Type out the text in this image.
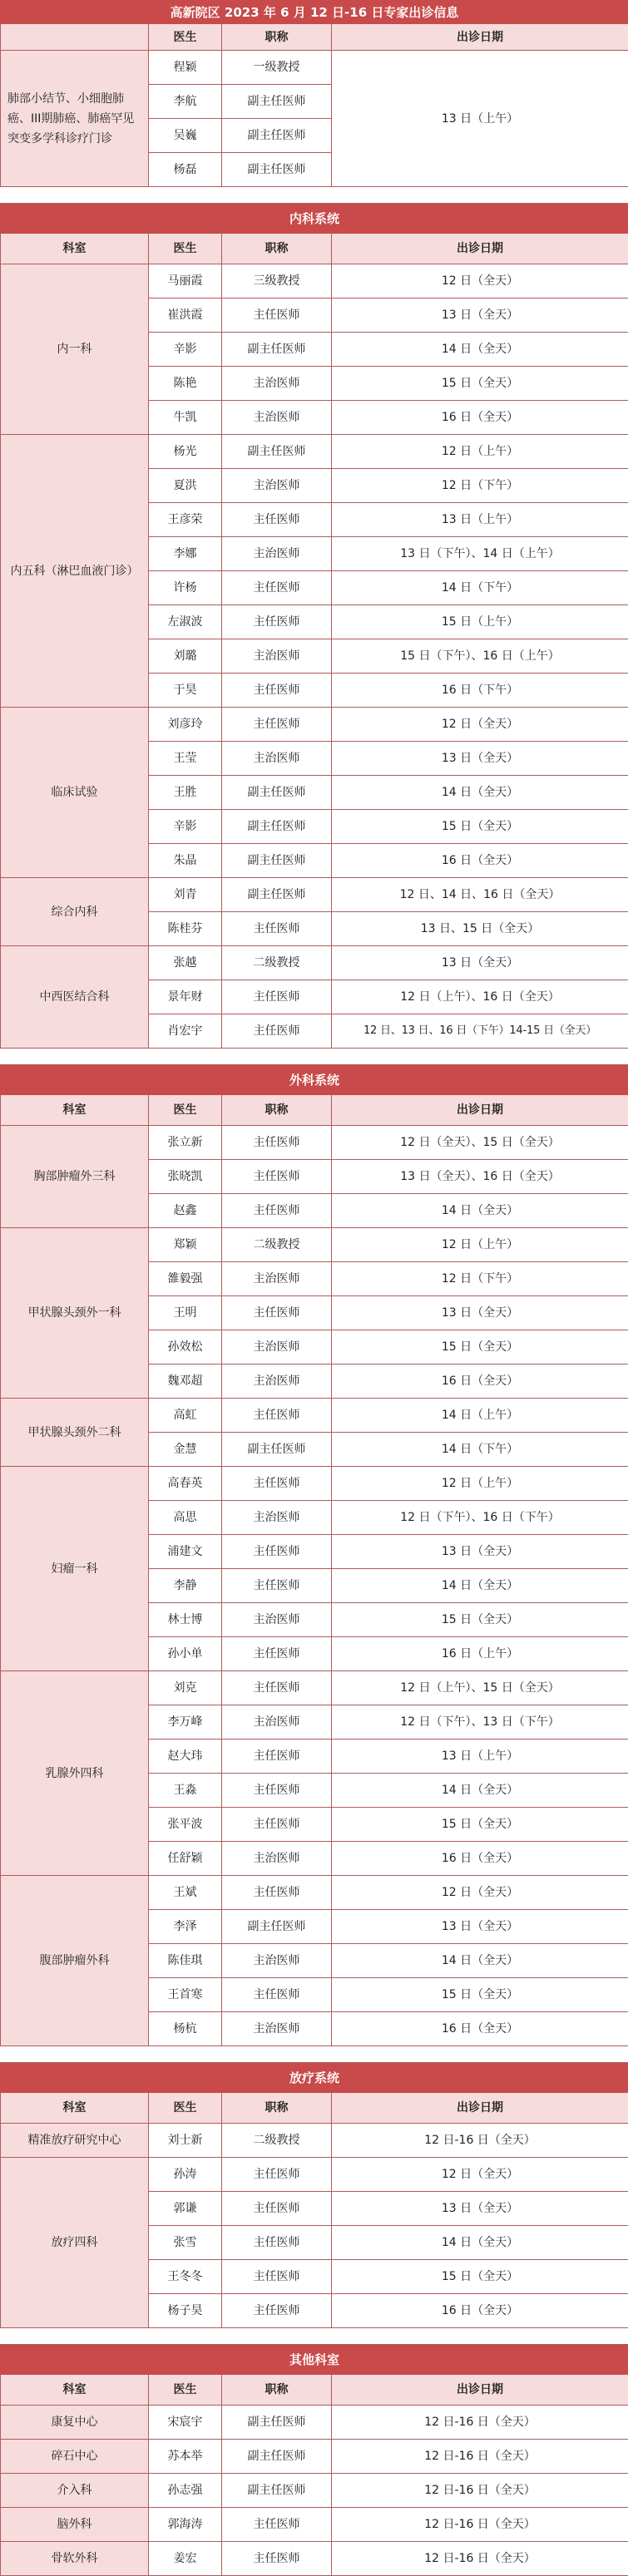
高新院区 2023 年 6 月 12 日-16 日专家出诊信息			
	医生	职称	出诊日期
肺部小结节、小细胞肺癌、III期肺癌、肺癌罕见突变多学科诊疗门诊	程颖	一级教授	13 日（上午）
	李航	副主任医师	
	吴巍	副主任医师	
	杨磊	副主任医师	

内科系统			
科室	医生	职称	出诊日期
内一科	马丽霞	三级教授	12 日（全天）
	崔洪霞	主任医师	13 日（全天）
	辛影	副主任医师	14 日（全天）
	陈艳	主治医师	15 日（全天）
	牛凯	主治医师	16 日（全天）
内五科（淋巴血液门诊）	杨光	副主任医师	12 日（上午）
	夏洪	主治医师	12 日（下午）
	王彦荣	主任医师	13 日（上午）
	李娜	主治医师	13 日（下午）、14 日（上午）
	许杨	主任医师	14 日（下午）
	左淑波	主任医师	15 日（上午）
	刘璐	主治医师	15 日（下午）、16 日（上午）
	于昊	主任医师	16 日（下午）
临床试验	刘彦玲	主任医师	12 日（全天）
	王莹	主治医师	13 日（全天）
	王胜	副主任医师	14 日（全天）
	辛影	副主任医师	15 日（全天）
	朱晶	副主任医师	16 日（全天）
综合内科	刘青	副主任医师	12 日、14 日、16 日（全天）
	陈桂芬	主任医师	13 日、15 日（全天）
中西医结合科	张越	二级教授	13 日（全天）
	景年财	主任医师	12 日（上午）、16 日（全天）
	肖宏宇	主任医师	12 日、13 日、16 日（下午）14-15 日（全天）

外科系统			
科室	医生	职称	出诊日期
胸部肿瘤外三科	张立新	主任医师	12 日（全天）、15 日（全天）
	张晓凯	主任医师	13 日（全天）、16 日（全天）
	赵鑫	主任医师	14 日（全天）
甲状腺头颈外一科	郑颖	二级教授	12 日（上午）
	雒毅强	主治医师	12 日（下午）
	王明	主任医师	13 日（全天）
	孙效松	主治医师	15 日（全天）
	魏邓超	主治医师	16 日（全天）
甲状腺头颈外二科	高虹	主任医师	14 日（上午）
	金慧	副主任医师	14 日（下午）
妇瘤一科	高春英	主任医师	12 日（上午）
	高思	主治医师	12 日（下午）、16 日（下午）
	浦建文	主任医师	13 日（全天）
	李静	主任医师	14 日（全天）
	林士博	主治医师	15 日（全天）
	孙小单	主任医师	16 日（上午）
乳腺外四科	刘克	主任医师	12 日（上午）、15 日（全天）
	李万峰	主治医师	12 日（下午）、13 日（下午）
	赵大玮	主任医师	13 日（上午）
	王淼	主任医师	14 日（全天）
	张平波	主任医师	15 日（全天）
	任舒颖	主治医师	16 日（全天）
腹部肿瘤外科	王斌	主任医师	12 日（全天）
	李泽	副主任医师	13 日（全天）
	陈佳琪	主治医师	14 日（全天）
	王首寒	主任医师	15 日（全天）
	杨杭	主治医师	16 日（全天）

放疗系统			
科室	医生	职称	出诊日期
精准放疗研究中心	刘士新	二级教授	12 日-16 日（全天）
放疗四科	孙涛	主任医师	12 日（全天）
	郭谦	主任医师	13 日（全天）
	张雪	主任医师	14 日（全天）
	王冬冬	主任医师	15 日（全天）
	杨子昊	主任医师	16 日（全天）

其他科室			
科室	医生	职称	出诊日期
康复中心	宋宸宇	副主任医师	12 日-16 日（全天）
碎石中心	苏本举	副主任医师	12 日-16 日（全天）
介入科	孙志强	副主任医师	12 日-16 日（全天）
脑外科	郭海涛	主任医师	12 日-16 日（全天）
骨软外科	姜宏	主任医师	12 日-16 日（全天）
